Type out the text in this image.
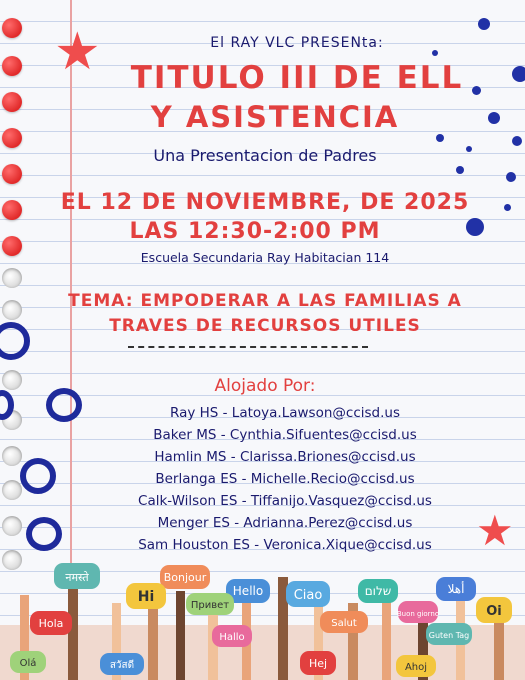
★
★
El RAY VLC PRESENta:
TITULO III DE ELL
Y ASISTENCIA
Una Presentacion de Padres
EL 12 DE NOVIEMBRE, DE 2025
LAS 12:30-2:00 PM
Escuela Secundaria Ray Habitacian 114
TEMA: EMPODERAR A LAS FAMILIAS A
TRAVES DE RECURSOS UTILES
Alojado Por:
Ray HS - Latoya.Lawson@ccisd.us
Baker MS - Cynthia.Sifuentes@ccisd.us
Hamlin MS - Clarissa.Briones@ccisd.us
Berlanga ES - Michelle.Recio@ccisd.us
Calk-Wilson ES - Tiffanijo.Vasquez@ccisd.us
Menger ES - Adrianna.Perez@ccisd.us
Sam Houston ES - Veronica.Xique@ccisd.us
नमस्ते	Bonjour
Hello
Hi
Привет
Ciao	שלום	أهلا
Oi
Hola	Salut
Hallo
Olá	สวัสดี	Hej	Ahoj
Guten Tag
Buon giorno
